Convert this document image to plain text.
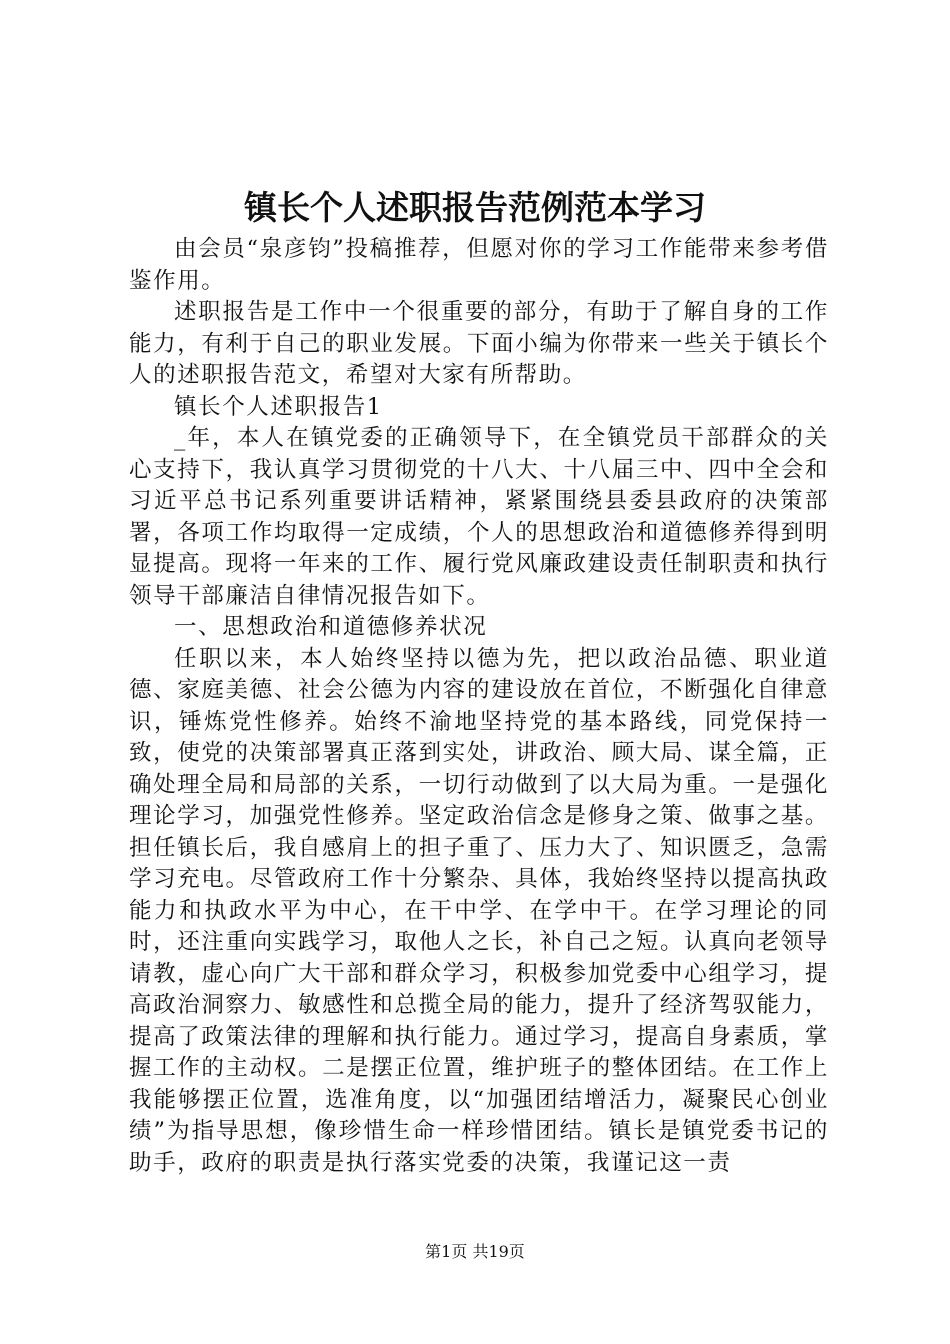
镇长个人述职报告范例范本学习

由会员“泉彦钧”投稿推荐，但愿对你的学习工作能带来参考借鉴作用。

述职报告是工作中一个很重要的部分，有助于了解自身的工作能力，有利于自己的职业发展。下面小编为你带来一些关于镇长个人的述职报告范文，希望对大家有所帮助。

镇长个人述职报告1

_年，本人在镇党委的正确领导下，在全镇党员干部群众的关心支持下，我认真学习贯彻党的十八大、十八届三中、四中全会和习近平总书记系列重要讲话精神，紧紧围绕县委县政府的决策部署，各项工作均取得一定成绩，个人的思想政治和道德修养得到明显提高。现将一年来的工作、履行党风廉政建设责任制职责和执行领导干部廉洁自律情况报告如下。

一、思想政治和道德修养状况

任职以来，本人始终坚持以德为先，把以政治品德、职业道德、家庭美德、社会公德为内容的建设放在首位，不断强化自律意识，锤炼党性修养。始终不渝地坚持党的基本路线，同党保持一致，使党的决策部署真正落到实处，讲政治、顾大局、谋全篇，正确处理全局和局部的关系，一切行动做到了以大局为重。一是强化理论学习，加强党性修养。坚定政治信念是修身之策、做事之基。担任镇长后，我自感肩上的担子重了、压力大了、知识匮乏，急需学习充电。尽管政府工作十分繁杂、具体，我始终坚持以提高执政能力和执政水平为中心，在干中学、在学中干。在学习理论的同时，还注重向实践学习，取他人之长，补自己之短。认真向老领导请教，虚心向广大干部和群众学习，积极参加党委中心组学习，提高政治洞察力、敏感性和总揽全局的能力，提升了经济驾驭能力，提高了政策法律的理解和执行能力。通过学习，提高自身素质，掌握工作的主动权。二是摆正位置，维护班子的整体团结。在工作上我能够摆正位置，选准角度，以“加强团结增活力，凝聚民心创业绩”为指导思想，像珍惜生命一样珍惜团结。镇长是镇党委书记的助手，政府的职责是执行落实党委的决策，我谨记这一责

第1页 共19页
